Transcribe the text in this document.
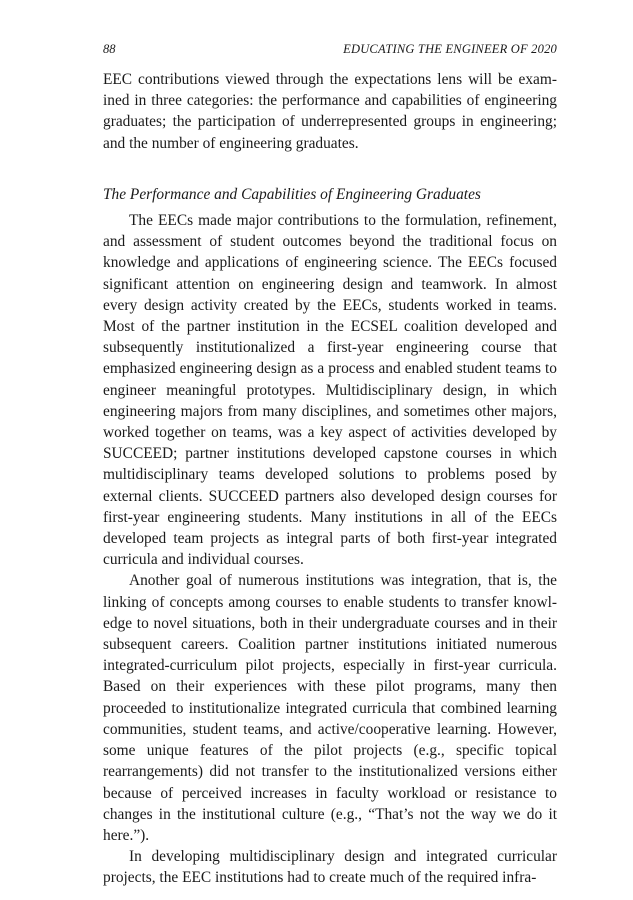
88	EDUCATING THE ENGINEER OF 2020

EEC contributions viewed through the expectations lens will be examined in three categories: the performance and capabilities of engineering graduates; the participation of underrepresented groups in engineering; and the number of engineering graduates.

The Performance and Capabilities of Engineering Graduates

The EECs made major contributions to the formulation, refinement, and assessment of student outcomes beyond the traditional focus on knowledge and applications of engineering science. The EECs focused significant attention on engineering design and teamwork. In almost every design activity created by the EECs, students worked in teams. Most of the partner institution in the ECSEL coalition developed and subsequently institutionalized a first-year engineering course that emphasized engineering design as a process and enabled student teams to engineer meaningful prototypes. Multidisciplinary design, in which engineering majors from many disciplines, and sometimes other majors, worked together on teams, was a key aspect of activities developed by SUCCEED; partner institutions developed capstone courses in which multidisciplinary teams developed solutions to problems posed by external clients. SUCCEED partners also developed design courses for first-year engineering students. Many institutions in all of the EECs developed team projects as integral parts of both first-year integrated curricula and individual courses.

Another goal of numerous institutions was integration, that is, the linking of concepts among courses to enable students to transfer knowledge to novel situations, both in their undergraduate courses and in their subsequent careers. Coalition partner institutions initiated numerous integrated-curriculum pilot projects, especially in first-year curricula. Based on their experiences with these pilot programs, many then proceeded to institutionalize integrated curricula that combined learning communities, student teams, and active/cooperative learning. However, some unique features of the pilot projects (e.g., specific topical rearrangements) did not transfer to the institutionalized versions either because of perceived increases in faculty workload or resistance to changes in the institutional culture (e.g., “That’s not the way we do it here.”).

In developing multidisciplinary design and integrated curricular projects, the EEC institutions had to create much of the required infra-
